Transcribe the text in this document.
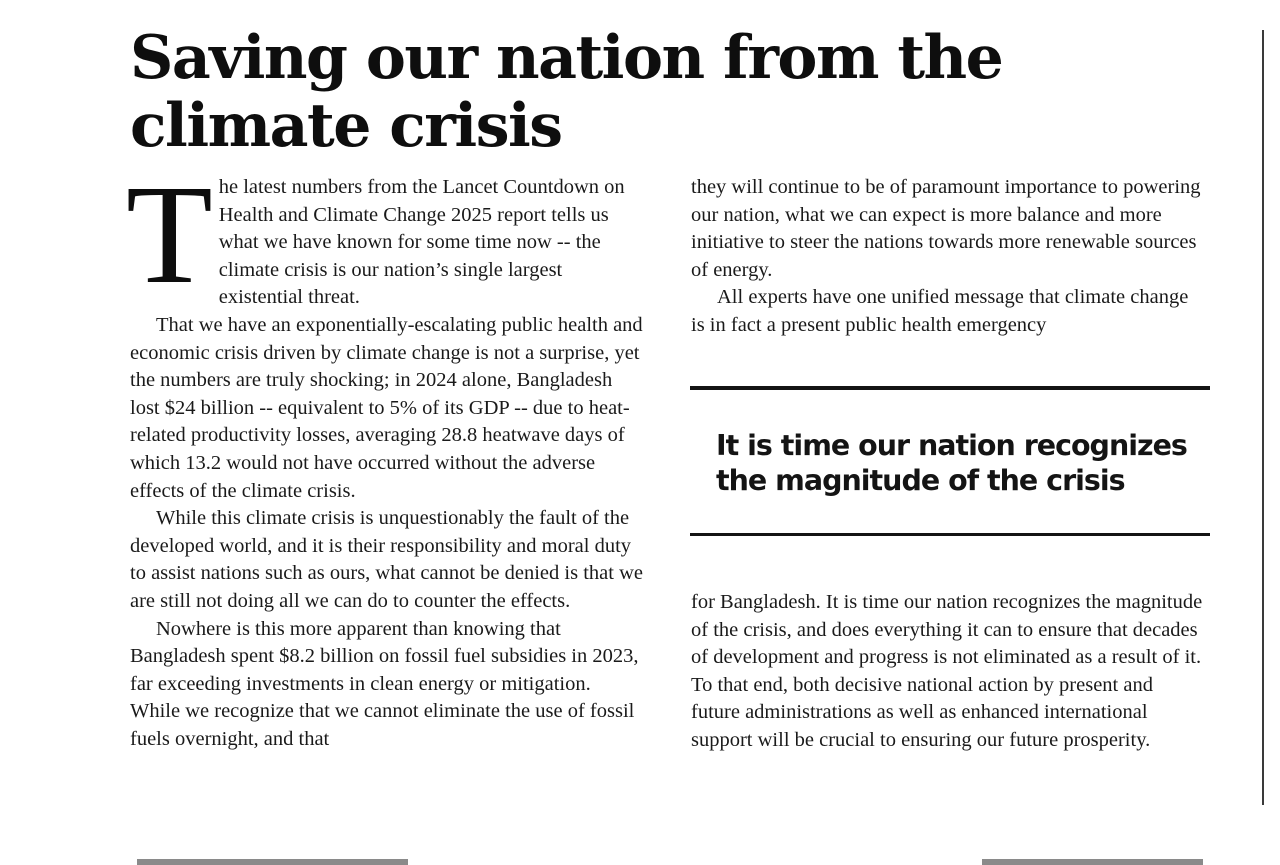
Saving our nation from the climate crisis

The latest numbers from the Lancet Countdown on Health and Climate Change 2025 report tells us what we have known for some time now -- the climate crisis is our nation’s single largest existential threat.

That we have an exponentially-escalating public health and economic crisis driven by climate change is not a surprise, yet the numbers are truly shocking; in 2024 alone, Bangladesh lost $24 billion -- equivalent to 5% of its GDP -- due to heat-related productivity losses, averaging 28.8 heatwave days of which 13.2 would not have occurred without the adverse effects of the climate crisis.

While this climate crisis is unquestionably the fault of the developed world, and it is their responsibility and moral duty to assist nations such as ours, what cannot be denied is that we are still not doing all we can do to counter the effects.

Nowhere is this more apparent than knowing that Bangladesh spent $8.2 billion on fossil fuel subsidies in 2023, far exceeding investments in clean energy or mitigation. While we recognize that we cannot eliminate the use of fossil fuels overnight, and that

they will continue to be of paramount importance to powering our nation, what we can expect is more balance and more initiative to steer the nations towards more renewable sources of energy.

All experts have one unified message that climate change is in fact a present public health emergency

It is time our nation recognizes the magnitude of the crisis

for Bangladesh. It is time our nation recognizes the magnitude of the crisis, and does everything it can to ensure that decades of development and progress is not eliminated as a result of it. To that end, both decisive national action by present and future administrations as well as enhanced international support will be crucial to ensuring our future prosperity.
